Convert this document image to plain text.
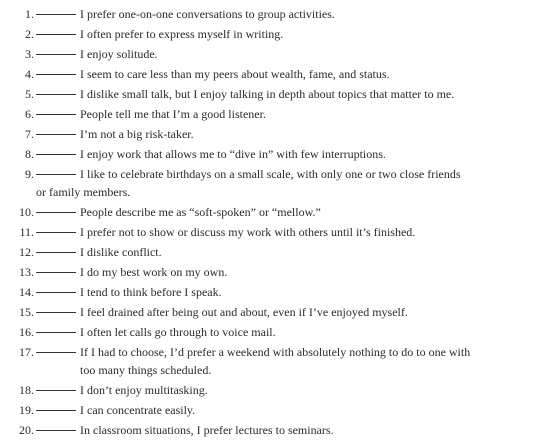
1.	I prefer one-on-one conversations to group activities.
2.	I often prefer to express myself in writing.
3.	I enjoy solitude.
4.	I seem to care less than my peers about wealth, fame, and status.
5.	I dislike small talk, but I enjoy talking in depth about topics that matter to me.
6.	People tell me that I’m a good listener.
7.	I’m not a big risk-taker.
8.	I enjoy work that allows me to “dive in” with few interruptions.
9.	I like to celebrate birthdays on a small scale, with only one or two close friends
or family members.
10.	People describe me as “soft-spoken” or “mellow.”
11.	I prefer not to show or discuss my work with others until it’s finished.
12.	I dislike conflict.
13.	I do my best work on my own.
14.	I tend to think before I speak.
15.	I feel drained after being out and about, even if I’ve enjoyed myself.
16.	I often let calls go through to voice mail.
17.	If I had to choose, I’d prefer a weekend with absolutely nothing to do to one with
too many things scheduled.
18.	I don’t enjoy multitasking.
19.	I can concentrate easily.
20.	In classroom situations, I prefer lectures to seminars.
